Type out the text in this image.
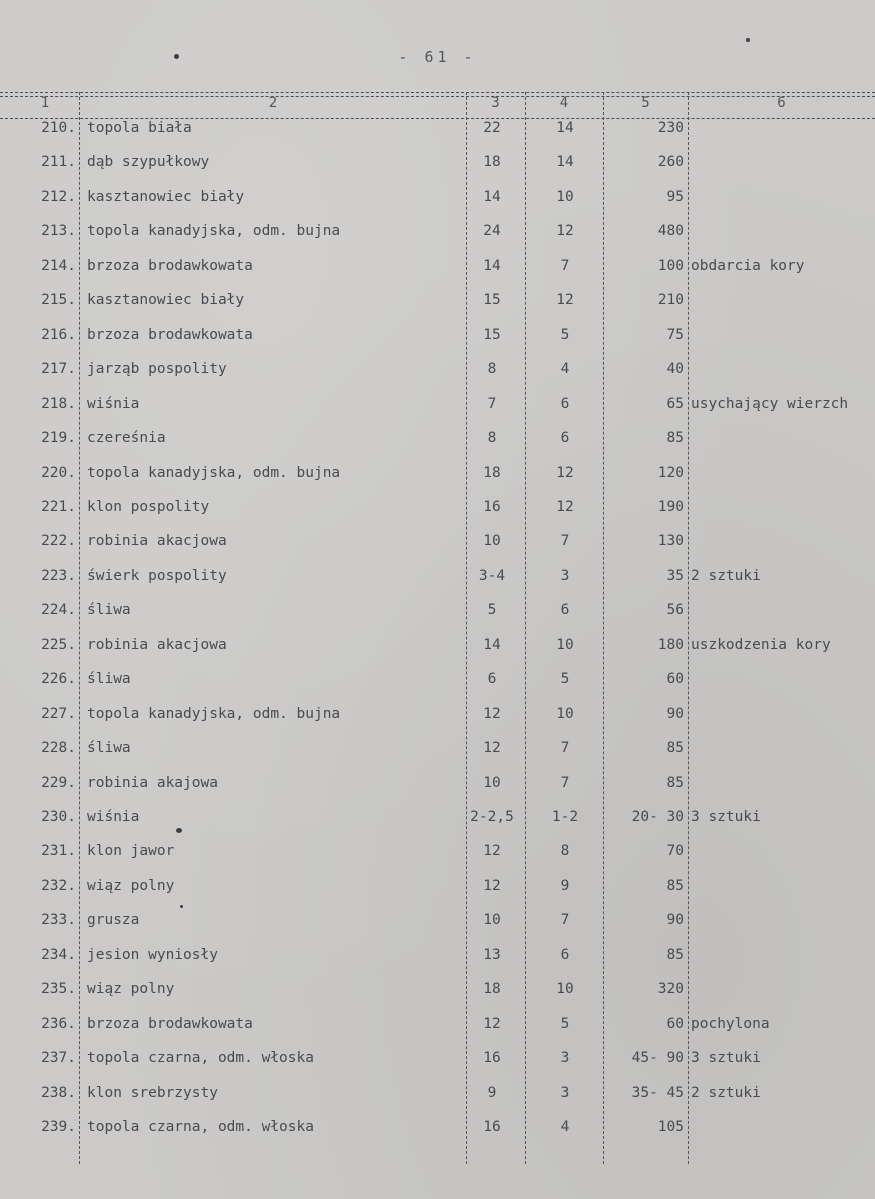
- 61 -
1	2	3	4	5	6
210. topola biała	22	14	230
211. dąb szypułkowy	18	14	260
212. kasztanowiec biały	14	10	95
213. topola kanadyjska, odm. bujna	24	12	480
214. brzoza brodawkowata	14	7	100 obdarcia kory
215. kasztanowiec biały	15	12	210
216. brzoza brodawkowata	15	5	75
217. jarząb pospolity	8	4	40
218. wiśnia	7	6	65 usychający wierzch
219. czereśnia	8	6	85
220. topola kanadyjska, odm. bujna	18	12	120
221. klon pospolity	16	12	190
222. robinia akacjowa	10	7	130
223. świerk pospolity	3-4	3	35 2 sztuki
224. śliwa	5	6	56
225. robinia akacjowa	14	10	180 uszkodzenia kory
226. śliwa	6	5	60
227. topola kanadyjska, odm. bujna	12	10	90
228. śliwa	12	7	85
229. robinia akajowa	10	7	85
230. wiśnia	2-2,5	1-2	20- 30 3 sztuki
231. klon jawor	12	8	70
232. wiąz polny	12	9	85
233. grusza	10	7	90
234. jesion wyniosły	13	6	85
235. wiąz polny	18	10	320
236. brzoza brodawkowata	12	5	60 pochylona
237. topola czarna, odm. włoska	16	3	45- 90 3 sztuki
238. klon srebrzysty	9	3	35- 45 2 sztuki
239. topola czarna, odm. włoska	16	4	105
